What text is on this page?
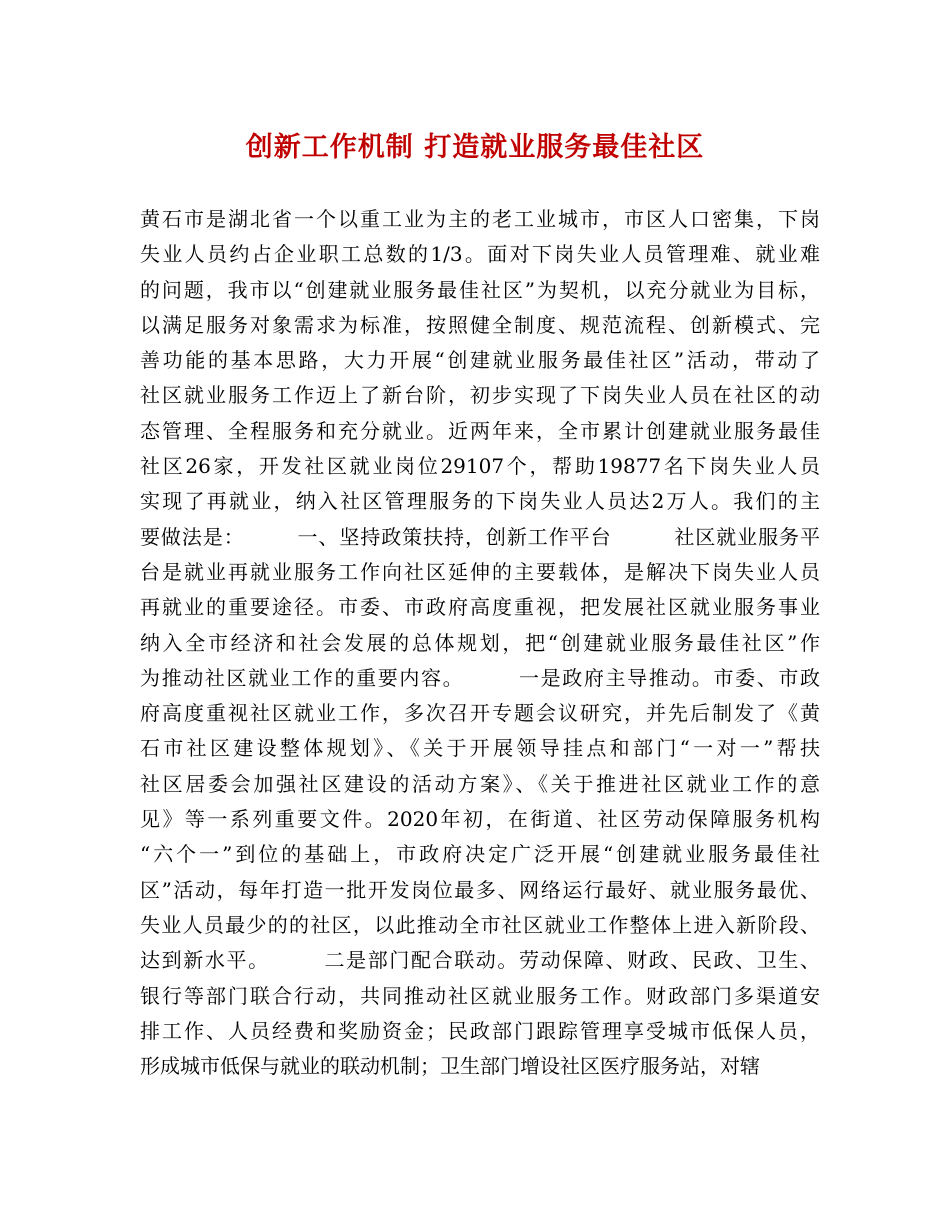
创新工作机制 打造就业服务最佳社区
黄石市是湖北省一个以重工业为主的老工业城市，市区人口密集，下岗
失业人员约占企业职工总数的1/3。面对下岗失业人员管理难、就业难
的问题，我市以“创建就业服务最佳社区”为契机，以充分就业为目标，
以满足服务对象需求为标准，按照健全制度、规范流程、创新模式、完
善功能的基本思路，大力开展“创建就业服务最佳社区”活动，带动了
社区就业服务工作迈上了新台阶，初步实现了下岗失业人员在社区的动
态管理、全程服务和充分就业。近两年来，全市累计创建就业服务最佳
社区26家，开发社区就业岗位29107个，帮助19877名下岗失业人员
实现了再就业，纳入社区管理服务的下岗失业人员达2万人。我们的主
要做法是：　　　一、坚持政策扶持，创新工作平台　　　社区就业服务平
台是就业再就业服务工作向社区延伸的主要载体，是解决下岗失业人员
再就业的重要途径。市委、市政府高度重视，把发展社区就业服务事业
纳入全市经济和社会发展的总体规划，把“创建就业服务最佳社区”作
为推动社区就业工作的重要内容。　　　一是政府主导推动。市委、市政
府高度重视社区就业工作，多次召开专题会议研究，并先后制发了《黄
石市社区建设整体规划》、《关于开展领导挂点和部门“一对一”帮扶
社区居委会加强社区建设的活动方案》、《关于推进社区就业工作的意
见》等一系列重要文件。2020年初，在街道、社区劳动保障服务机构
“六个一”到位的基础上，市政府决定广泛开展“创建就业服务最佳社
区”活动，每年打造一批开发岗位最多、网络运行最好、就业服务最优、
失业人员最少的的社区，以此推动全市社区就业工作整体上进入新阶段、
达到新水平。　　　二是部门配合联动。劳动保障、财政、民政、卫生、
银行等部门联合行动，共同推动社区就业服务工作。财政部门多渠道安
排工作、人员经费和奖励资金；民政部门跟踪管理享受城市低保人员，
形成城市低保与就业的联动机制；卫生部门增设社区医疗服务站，对辖
